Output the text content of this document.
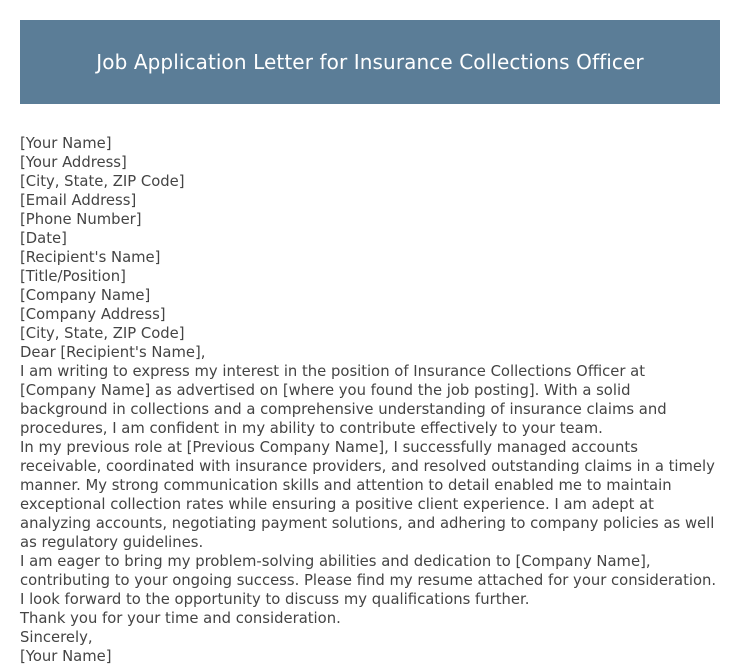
Job Application Letter for Insurance Collections Officer

[Your Name]

[Your Address]

[City, State, ZIP Code]

[Email Address]

[Phone Number]

[Date]

[Recipient's Name]

[Title/Position]

[Company Name]

[Company Address]

[City, State, ZIP Code]

Dear [Recipient's Name],

I am writing to express my interest in the position of Insurance Collections Officer at [Company Name] as advertised on [where you found the job posting]. With a solid background in collections and a comprehensive understanding of insurance claims and procedures, I am confident in my ability to contribute effectively to your team.

In my previous role at [Previous Company Name], I successfully managed accounts receivable, coordinated with insurance providers, and resolved outstanding claims in a timely manner. My strong communication skills and attention to detail enabled me to maintain exceptional collection rates while ensuring a positive client experience. I am adept at analyzing accounts, negotiating payment solutions, and adhering to company policies as well as regulatory guidelines.

I am eager to bring my problem-solving abilities and dedication to [Company Name], contributing to your ongoing success. Please find my resume attached for your consideration. I look forward to the opportunity to discuss my qualifications further.

Thank you for your time and consideration.

Sincerely,

[Your Name]
